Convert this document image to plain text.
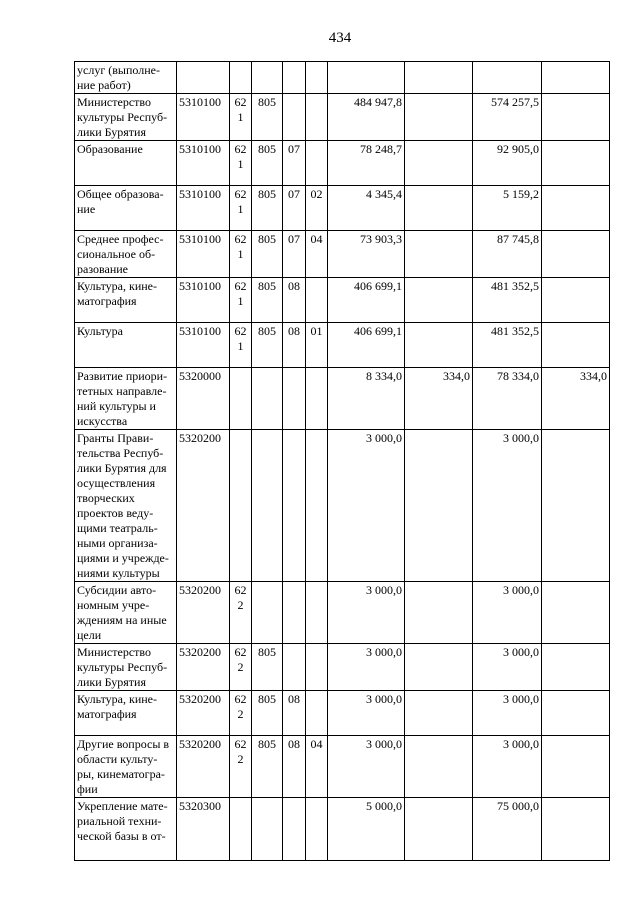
434
услуг (выполне-ние работ)									
Министерство культуры Респуб-лики Бурятия	5310100	621	805			484 947,8		574 257,5	
Образование	5310100	621	805	07		78 248,7		92 905,0	
Общее образова-ние	5310100	621	805	07	02	4 345,4		5 159,2	
Среднее профес-сиональное об-разование	5310100	621	805	07	04	73 903,3		87 745,8	
Культура, кине-матография	5310100	621	805	08		406 699,1		481 352,5	
Культура	5310100	621	805	08	01	406 699,1		481 352,5	
Развитие приори-тетных направле-ний культуры и искусства	5320000					8 334,0	334,0	78 334,0	334,0
Гранты Прави-тельства Респуб-лики Бурятия для осуществления творческих проектов веду-щими театраль-ными организа-циями и учрежде-ниями культуры	5320200					3 000,0		3 000,0	
Субсидии авто-номным учре-ждениям на иные цели	5320200	622				3 000,0		3 000,0	
Министерство культуры Респуб-лики Бурятия	5320200	622	805			3 000,0		3 000,0	
Культура, кине-матография	5320200	622	805	08		3 000,0		3 000,0	
Другие вопросы в области культу-ры, кинематогра-фии	5320200	622	805	08	04	3 000,0		3 000,0	
Укрепление мате-риальной техни-ческой базы в от-	5320300					5 000,0		75 000,0	
